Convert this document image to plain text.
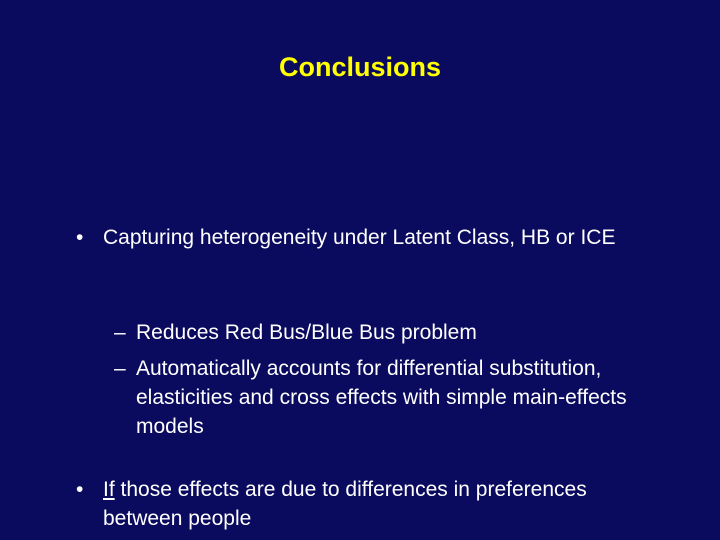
Conclusions
• Capturing heterogeneity under Latent Class, HB or ICE
– Reduces Red Bus/Blue Bus problem
– Automatically accounts for differential substitution, elasticities and cross effects with simple main-effects models
• If those effects are due to differences in preferences between people
